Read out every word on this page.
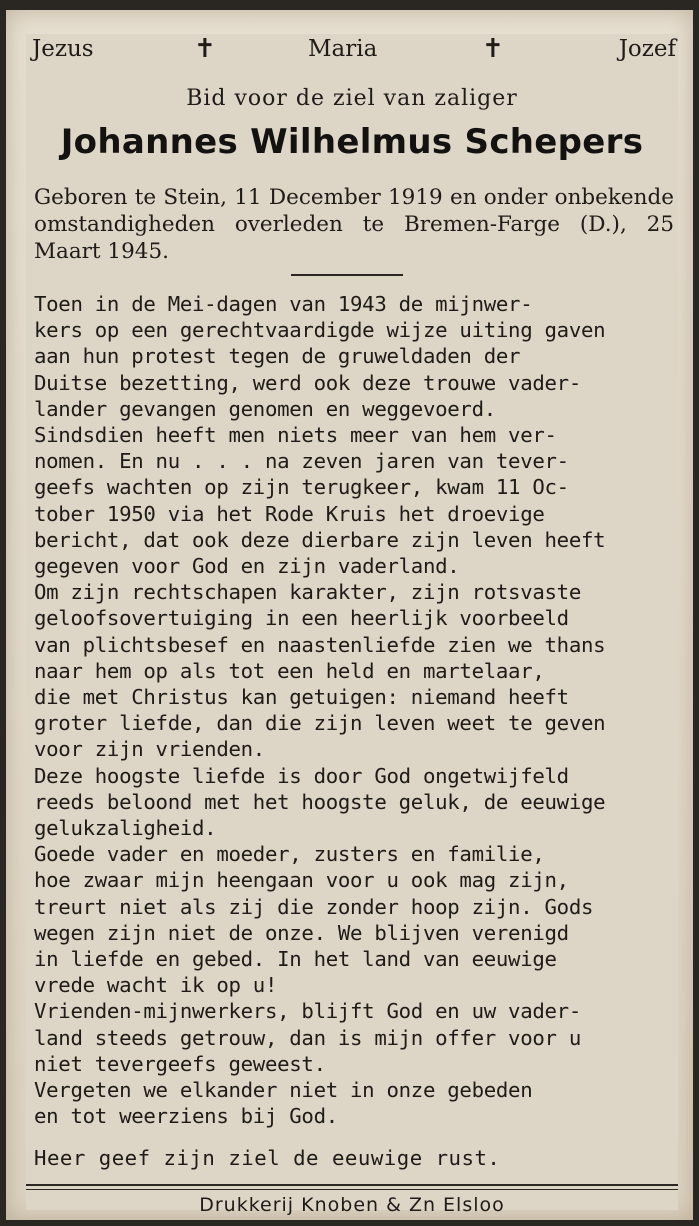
Jezus	✝	Maria	✝	Jozef
Bid voor de ziel van zaliger
Johannes Wilhelmus Schepers
Geboren te Stein, 11 December 1919 en onder onbekende omstandigheden overleden te Bremen-Farge (D.), 25 Maart 1945.
Toen in de Mei-dagen van 1943 de mijnwer-
kers op een gerechtvaardigde wijze uiting gaven
aan hun protest tegen de gruweldaden der
Duitse bezetting, werd ook deze trouwe vader-
lander gevangen genomen en weggevoerd.
Sindsdien heeft men niets meer van hem ver-
nomen. En nu . . . na zeven jaren van tever-
geefs wachten op zijn terugkeer, kwam 11 Oc-
tober 1950 via het Rode Kruis het droevige
bericht, dat ook deze dierbare zijn leven heeft
gegeven voor God en zijn vaderland.
Om zijn rechtschapen karakter, zijn rotsvaste
geloofsovertuiging in een heerlijk voorbeeld
van plichtsbesef en naastenliefde zien we thans
naar hem op als tot een held en martelaar,
die met Christus kan getuigen: niemand heeft
groter liefde, dan die zijn leven weet te geven
voor zijn vrienden.
Deze hoogste liefde is door God ongetwijfeld
reeds beloond met het hoogste geluk, de eeuwige
gelukzaligheid.
Goede vader en moeder, zusters en familie,
hoe zwaar mijn heengaan voor u ook mag zijn,
treurt niet als zij die zonder hoop zijn. Gods
wegen zijn niet de onze. We blijven verenigd
in liefde en gebed. In het land van eeuwige
vrede wacht ik op u!
Vrienden-mijnwerkers, blijft God en uw vader-
land steeds getrouw, dan is mijn offer voor u
niet tevergeefs geweest.
Vergeten we elkander niet in onze gebeden
en tot weerziens bij God.
Heer geef zijn ziel de eeuwige rust.
Drukkerij Knoben & Zn Elsloo
